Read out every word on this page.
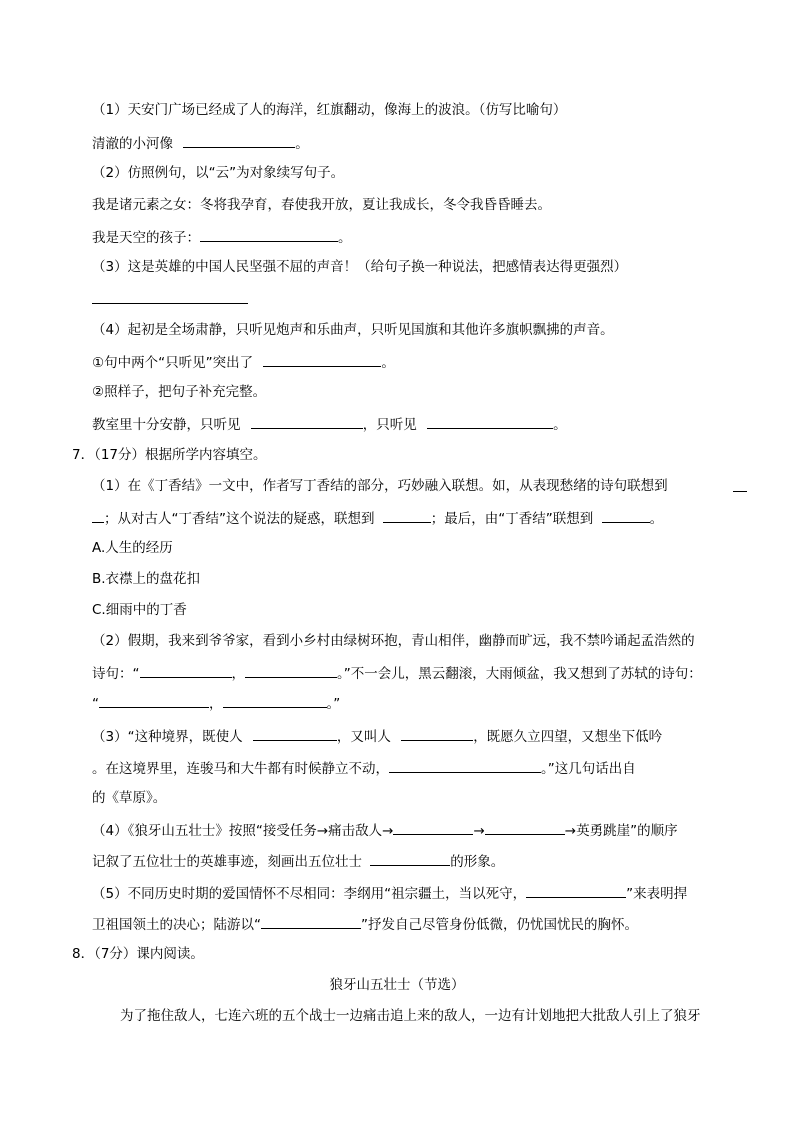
（1）天安门广场已经成了人的海洋，红旗翻动，像海上的波浪。（仿写比喻句）
清澈的小河像	。
（2）仿照例句，以“云”为对象续写句子。
我是诸元素之女：冬将我孕育，春使我开放，夏让我成长，冬令我昏昏睡去。
我是天空的孩子：	。
（3）这是英雄的中国人民坚强不屈的声音！（给句子换一种说法，把感情表达得更强烈）
（4）起初是全场肃静，只听见炮声和乐曲声，只听见国旗和其他许多旗帜飘拂的声音。
①句中两个“只听见”突出了	。
②照样子，把句子补充完整。
教室里十分安静，只听见	，只听见	。
7．（17分）根据所学内容填空。
（1）在《丁香结》一文中，作者写丁香结的部分，巧妙融入联想。如，从表现愁绪的诗句联想到
；从对古人“丁香结”这个说法的疑惑，联想到	；最后，由“丁香结”联想到	。
A.人生的经历
B.衣襟上的盘花扣
C.细雨中的丁香
（2）假期，我来到爷爷家，看到小乡村由绿树环抱，青山相伴，幽静而旷远，我不禁吟诵起孟浩然的
诗句：“	，	。”不一会儿，黑云翻滚，大雨倾盆，我又想到了苏轼的诗句：
“	，	。”
（3）“这种境界，既使人	，又叫人	，既愿久立四望，又想坐下低吟
。在这境界里，连骏马和大牛都有时候静立不动，	。”这几句话出自
的《草原》。
（4）《狼牙山五壮士》按照“接受任务→痛击敌人→	→	→英勇跳崖”的顺序
记叙了五位壮士的英雄事迹，刻画出五位壮士	的形象。
（5）不同历史时期的爱国情怀不尽相同：李纲用“祖宗疆土，当以死守，	”来表明捍
卫祖国领土的决心；陆游以“	”抒发自己尽管身份低微，仍忧国忧民的胸怀。
8．（7分）课内阅读。
狼牙山五壮士（节选）
为了拖住敌人，七连六班的五个战士一边痛击追上来的敌人，一边有计划地把大批敌人引上了狼牙
